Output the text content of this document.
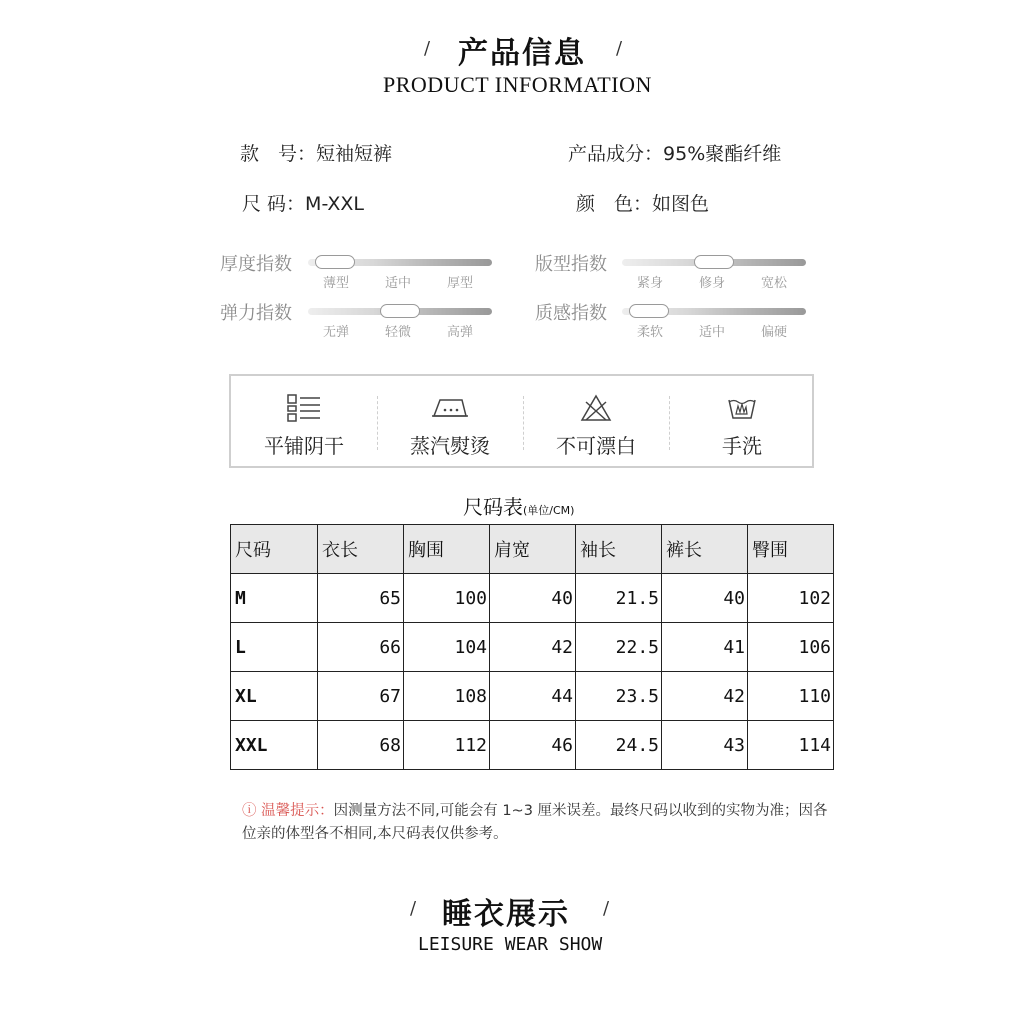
/ 产品信息 /
PRODUCT INFORMATION
款　号：短袖短裤	产品成分：95%聚酯纤维
尺 码：M-XXL	颜　色：如图色
厚度指数
薄型	适中	厚型
版型指数
紧身	修身	宽松
弹力指数
无弹	轻微	高弹
质感指数
柔软	适中	偏硬
平铺阴干	蒸汽熨烫	不可漂白	手洗
尺码表(单位/CM)
尺码	衣长	胸围	肩宽	袖长	裤长	臀围
M	65	100	40	21.5	40	102
L	66	104	42	22.5	41	106
XL	67	108	44	23.5	42	110
XXL	68	112	46	24.5	43	114
ⓘ 温馨提示：因测量方法不同,可能会有 1~3 厘米误差。最终尺码以收到的实物为准；因各位亲的体型各不相同,本尺码表仅供参考。
/ 睡衣展示 /
LEISURE WEAR SHOW
